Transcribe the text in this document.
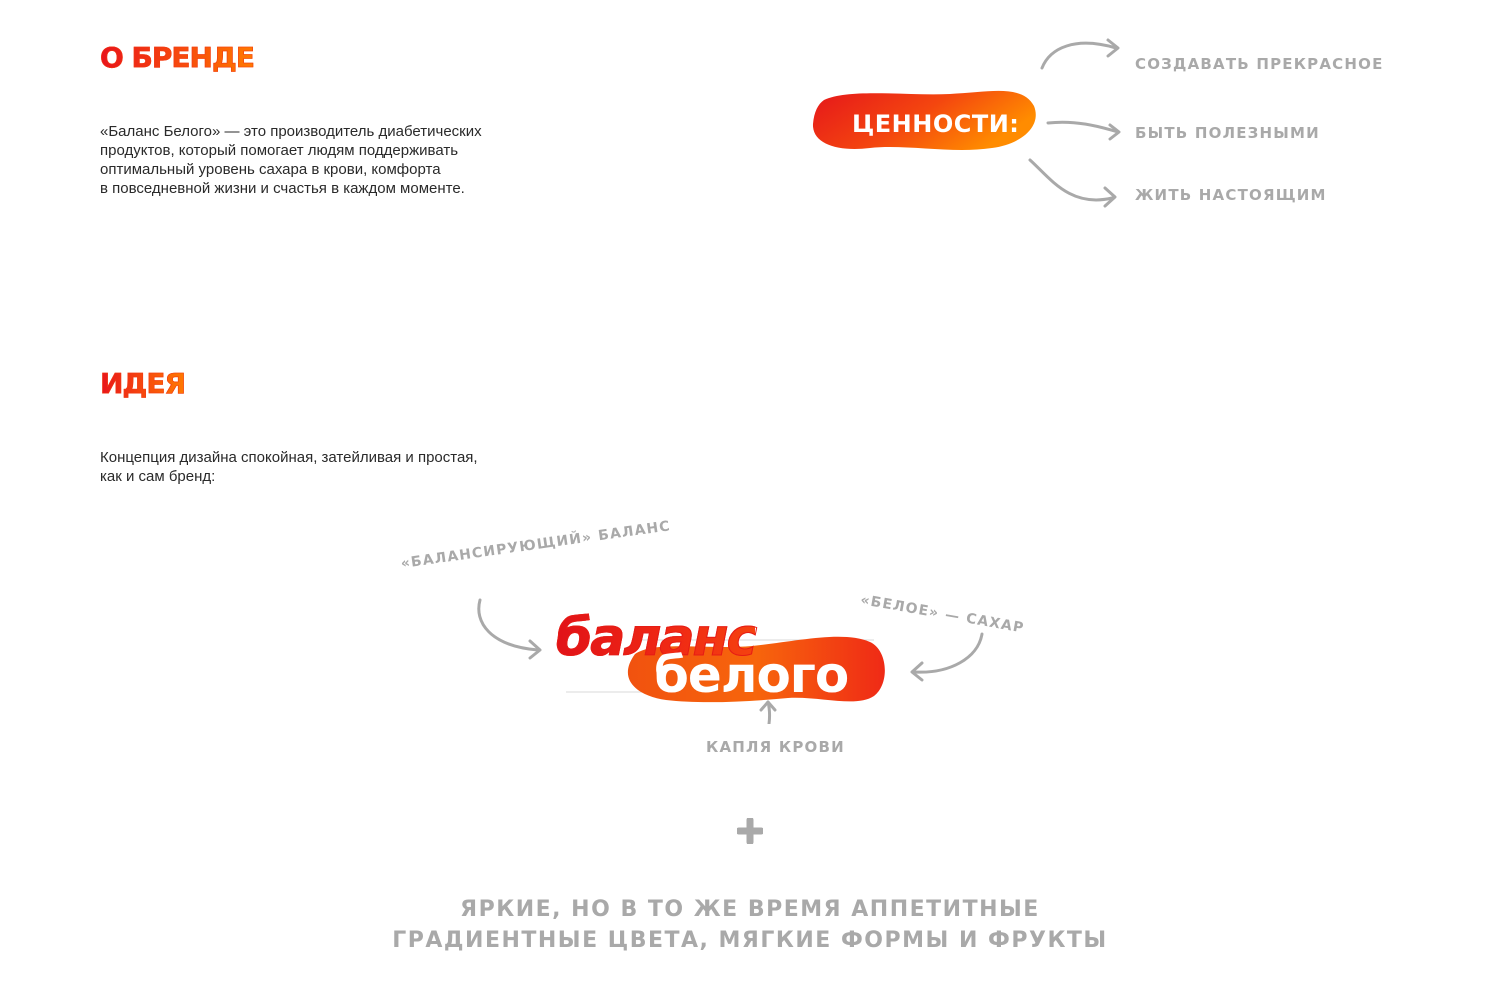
О БРЕНДЕ
«Баланс Белого» — это производитель диабетических
продуктов, который помогает людям поддерживать
оптимальный уровень сахара в крови, комфорта
в повседневной жизни и счастья в каждом моменте.
ЦЕННОСТИ:
СОЗДАВАТЬ ПРЕКРАСНОЕ
БЫТЬ ПОЛЕЗНЫМИ
ЖИТЬ НАСТОЯЩИМ
ИДЕЯ
Концепция дизайна спокойная, затейливая и простая,
как и сам бренд:
«БАЛАНСИРУЮЩИЙ» БАЛАНС
«БЕЛОЕ» — САХАР
баланс
белого
КАПЛЯ КРОВИ
ЯРКИЕ, НО В ТО ЖЕ ВРЕМЯ АППЕТИТНЫЕ
ГРАДИЕНТНЫЕ ЦВЕТА, МЯГКИЕ ФОРМЫ И ФРУКТЫ
